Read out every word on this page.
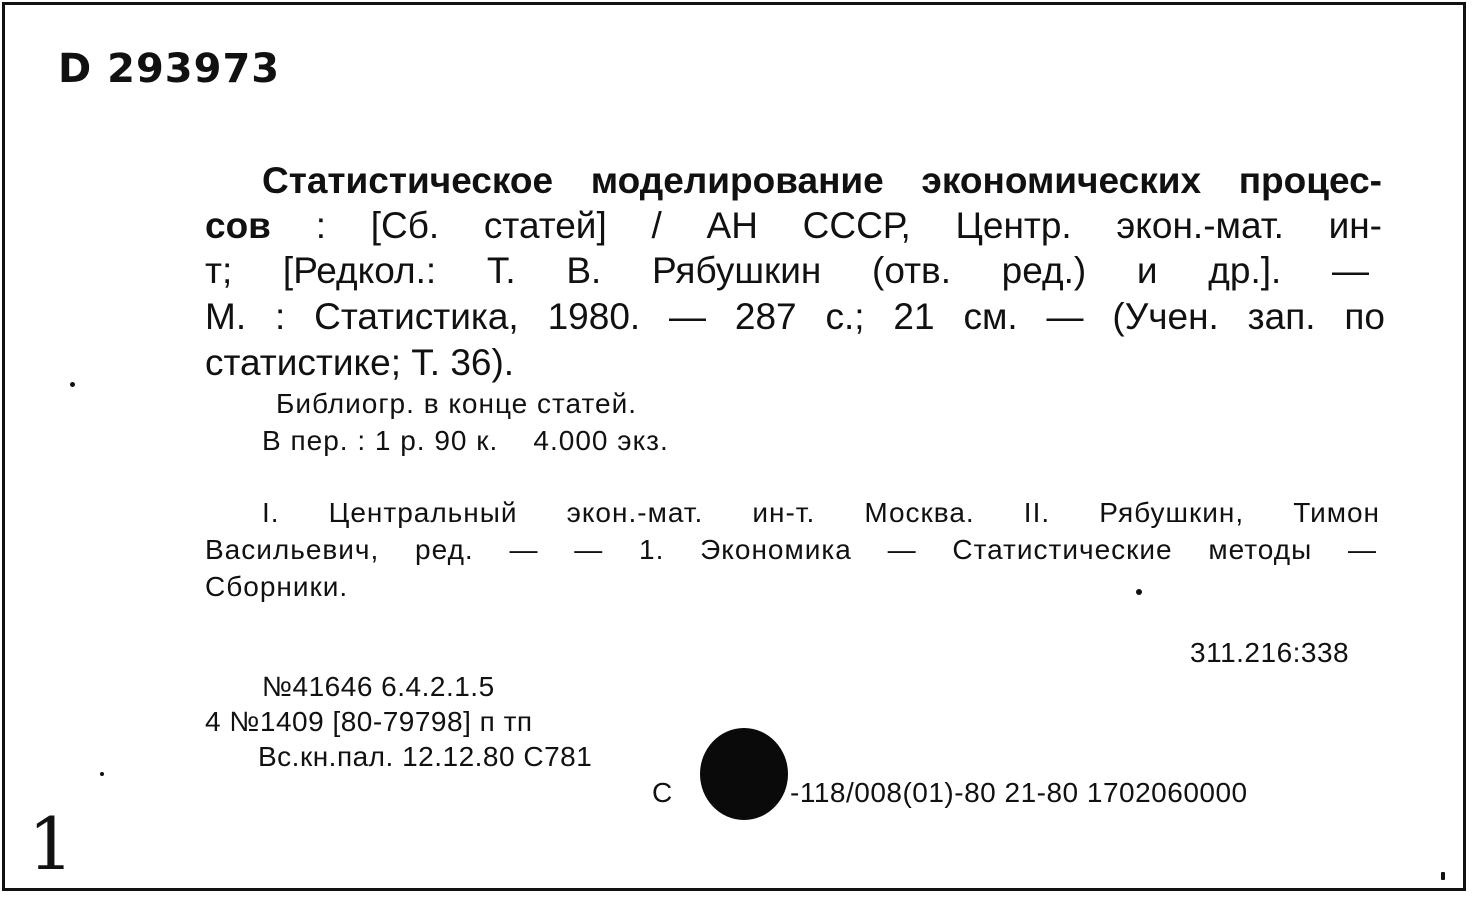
D 293973
Статистическое моделирование экономических процес-
сов : [Сб. статей] / АН СССР, Центр. экон.-мат. ин-
т; [Редкол.: Т. В. Рябушкин (отв. ред.) и др.]. —
М. : Статистика, 1980. — 287 с.; 21 см. — (Учен. зап. по
статистике; Т. 36).
Библиогр. в конце статей.
В пер. : 1 р. 90 к.    4.000 экз.
I. Центральный экон.-мат. ин-т. Москва. II. Рябушкин, Тимон
Васильевич, ред. — — 1. Экономика — Статистические методы —
Сборники.
311.216:338
№41646 6.4.2.1.5
4 №1409 [80-79798] п тп
Вс.кн.пал. 12.12.80 С781
С	-118/008(01)-80 21-80 1702060000
1
